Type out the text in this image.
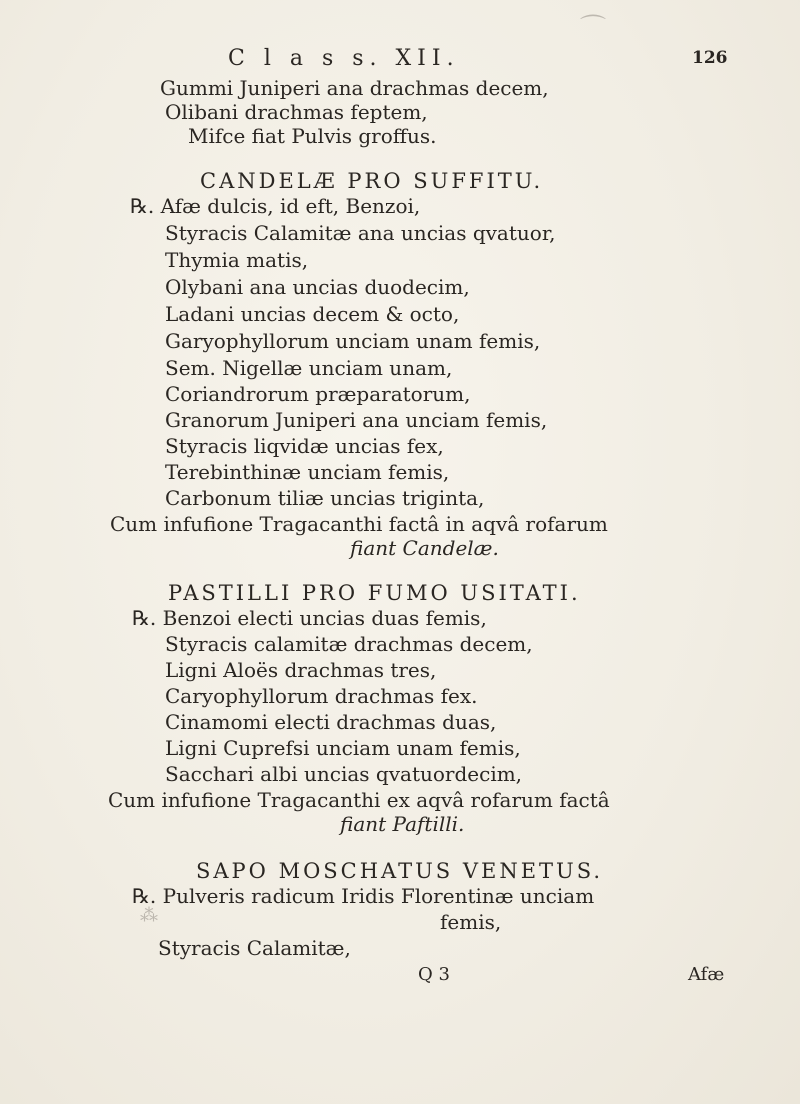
C l a s s. XII.	126
Gummi Juniperi ana drachmas decem,
Olibani drachmas feptem,
Mifce fiat Pulvis groffus.
CANDELÆ PRO SUFFITU.
℞. Afæ dulcis, id eft, Benzoi,
Styracis Calamitæ ana uncias qvatuor,
Thymia matis,
Olybani ana uncias duodecim,
Ladani uncias decem & octo,
Garyophyllorum unciam unam femis,
Sem. Nigellæ unciam unam,
Coriandrorum præparatorum,
Granorum Juniperi ana unciam femis,
Styracis liqvidæ uncias fex,
Terebinthinæ unciam femis,
Carbonum tiliæ uncias triginta,
Cum infufione Tragacanthi factâ in aqvâ rofarum
fiant Candelæ.
PASTILLI PRO FUMO USITATI.
℞. Benzoi electi uncias duas femis,
Styracis calamitæ drachmas decem,
Ligni Aloës drachmas tres,
Caryophyllorum drachmas fex.
Cinamomi electi drachmas duas,
Ligni Cuprefsi unciam unam femis,
Sacchari albi uncias qvatuordecim,
Cum infufione Tragacanthi ex aqvâ rofarum factâ
fiant Paftilli.
SAPO MOSCHATUS VENETUS.
℞. Pulveris radicum Iridis Florentinæ unciam
femis,
Styracis Calamitæ,
Q 3	Afæ
⁂
⌒
